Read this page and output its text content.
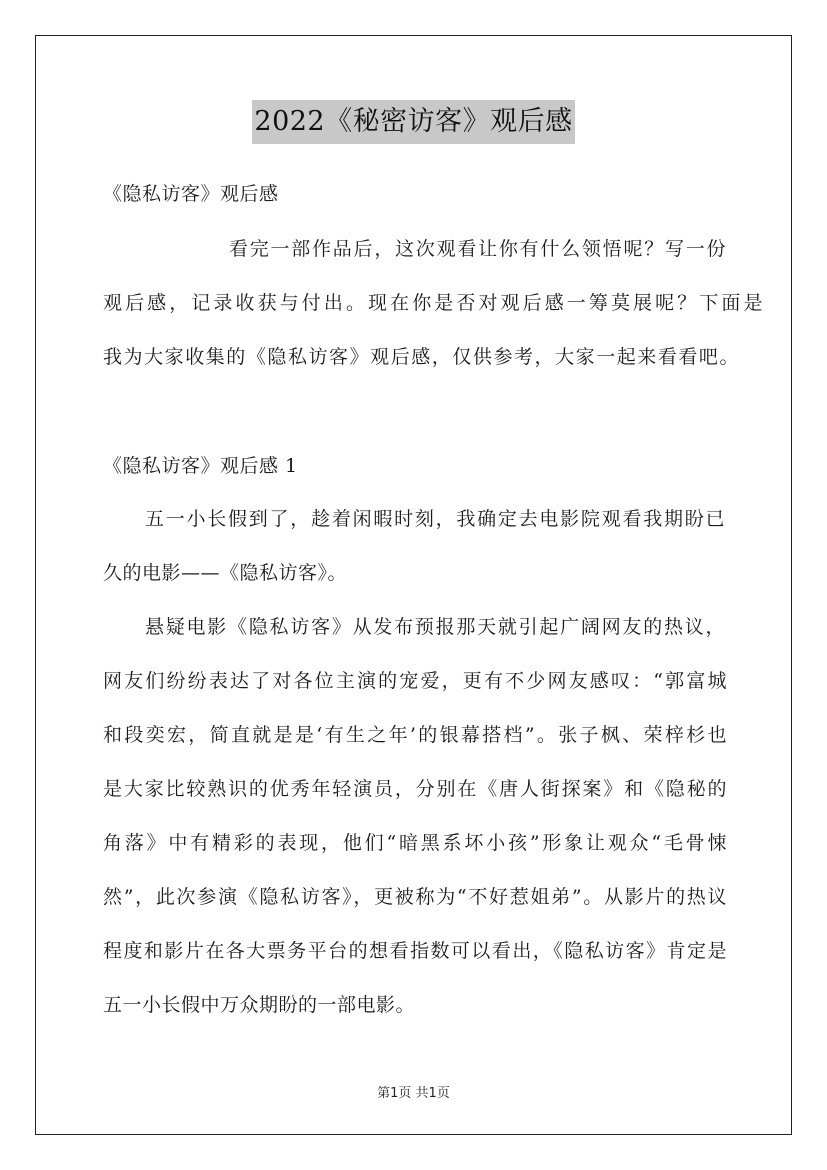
2022《秘密访客》观后感
《隐私访客》观后感
看完一部作品后，这次观看让你有什么领悟呢？写一份
观后感，记录收获与付出。现在你是否对观后感一筹莫展呢？下面是
我为大家收集的《隐私访客》观后感，仅供参考，大家一起来看看吧。
《隐私访客》观后感 1
五一小长假到了，趁着闲暇时刻，我确定去电影院观看我期盼已
久的电影——《隐私访客》。
悬疑电影《隐私访客》从发布预报那天就引起广阔网友的热议，
网友们纷纷表达了对各位主演的宠爱，更有不少网友感叹：“郭富城
和段奕宏，简直就是是‘有生之年’的银幕搭档”。张子枫、荣梓杉也
是大家比较熟识的优秀年轻演员，分别在《唐人街探案》和《隐秘的
角落》中有精彩的表现，他们“暗黑系坏小孩”形象让观众“毛骨悚
然”，此次参演《隐私访客》，更被称为“不好惹姐弟”。从影片的热议
程度和影片在各大票务平台的想看指数可以看出，《隐私访客》肯定是
五一小长假中万众期盼的一部电影。
第1页 共1页
